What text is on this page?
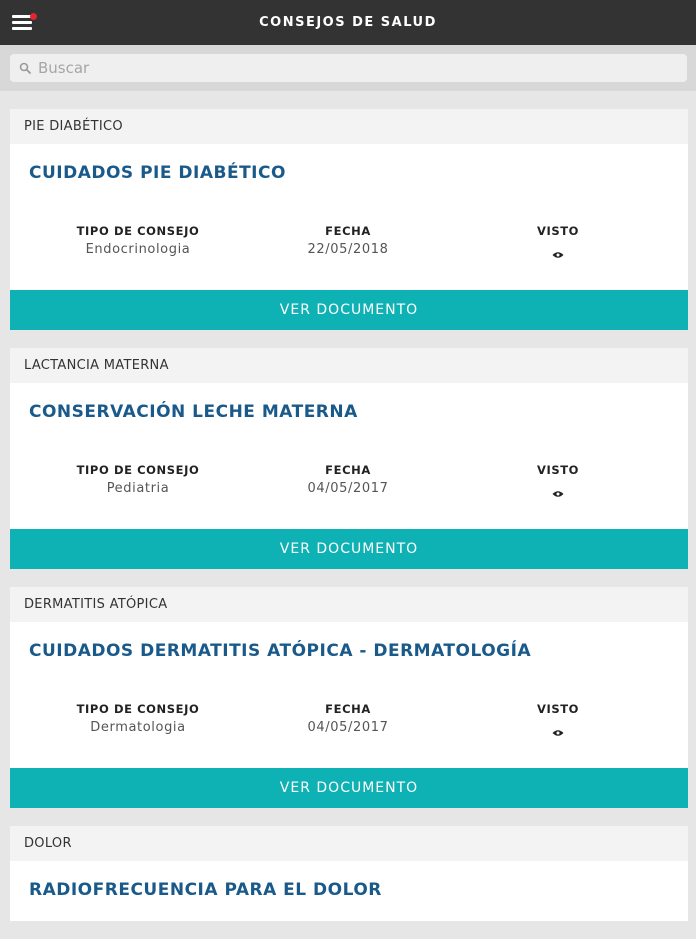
CONSEJOS DE SALUD
Buscar
PIE DIABÉTICO
CUIDADOS PIE DIABÉTICO
TIPO DE CONSEJO
Endocrinologia
FECHA
22/05/2018
VISTO
VER DOCUMENTO
LACTANCIA MATERNA
CONSERVACIÓN LECHE MATERNA
TIPO DE CONSEJO
Pediatria
FECHA
04/05/2017
VISTO
VER DOCUMENTO
DERMATITIS ATÓPICA
CUIDADOS DERMATITIS ATÓPICA - DERMATOLOGÍA
TIPO DE CONSEJO
Dermatologia
FECHA
04/05/2017
VISTO
VER DOCUMENTO
DOLOR
RADIOFRECUENCIA PARA EL DOLOR
